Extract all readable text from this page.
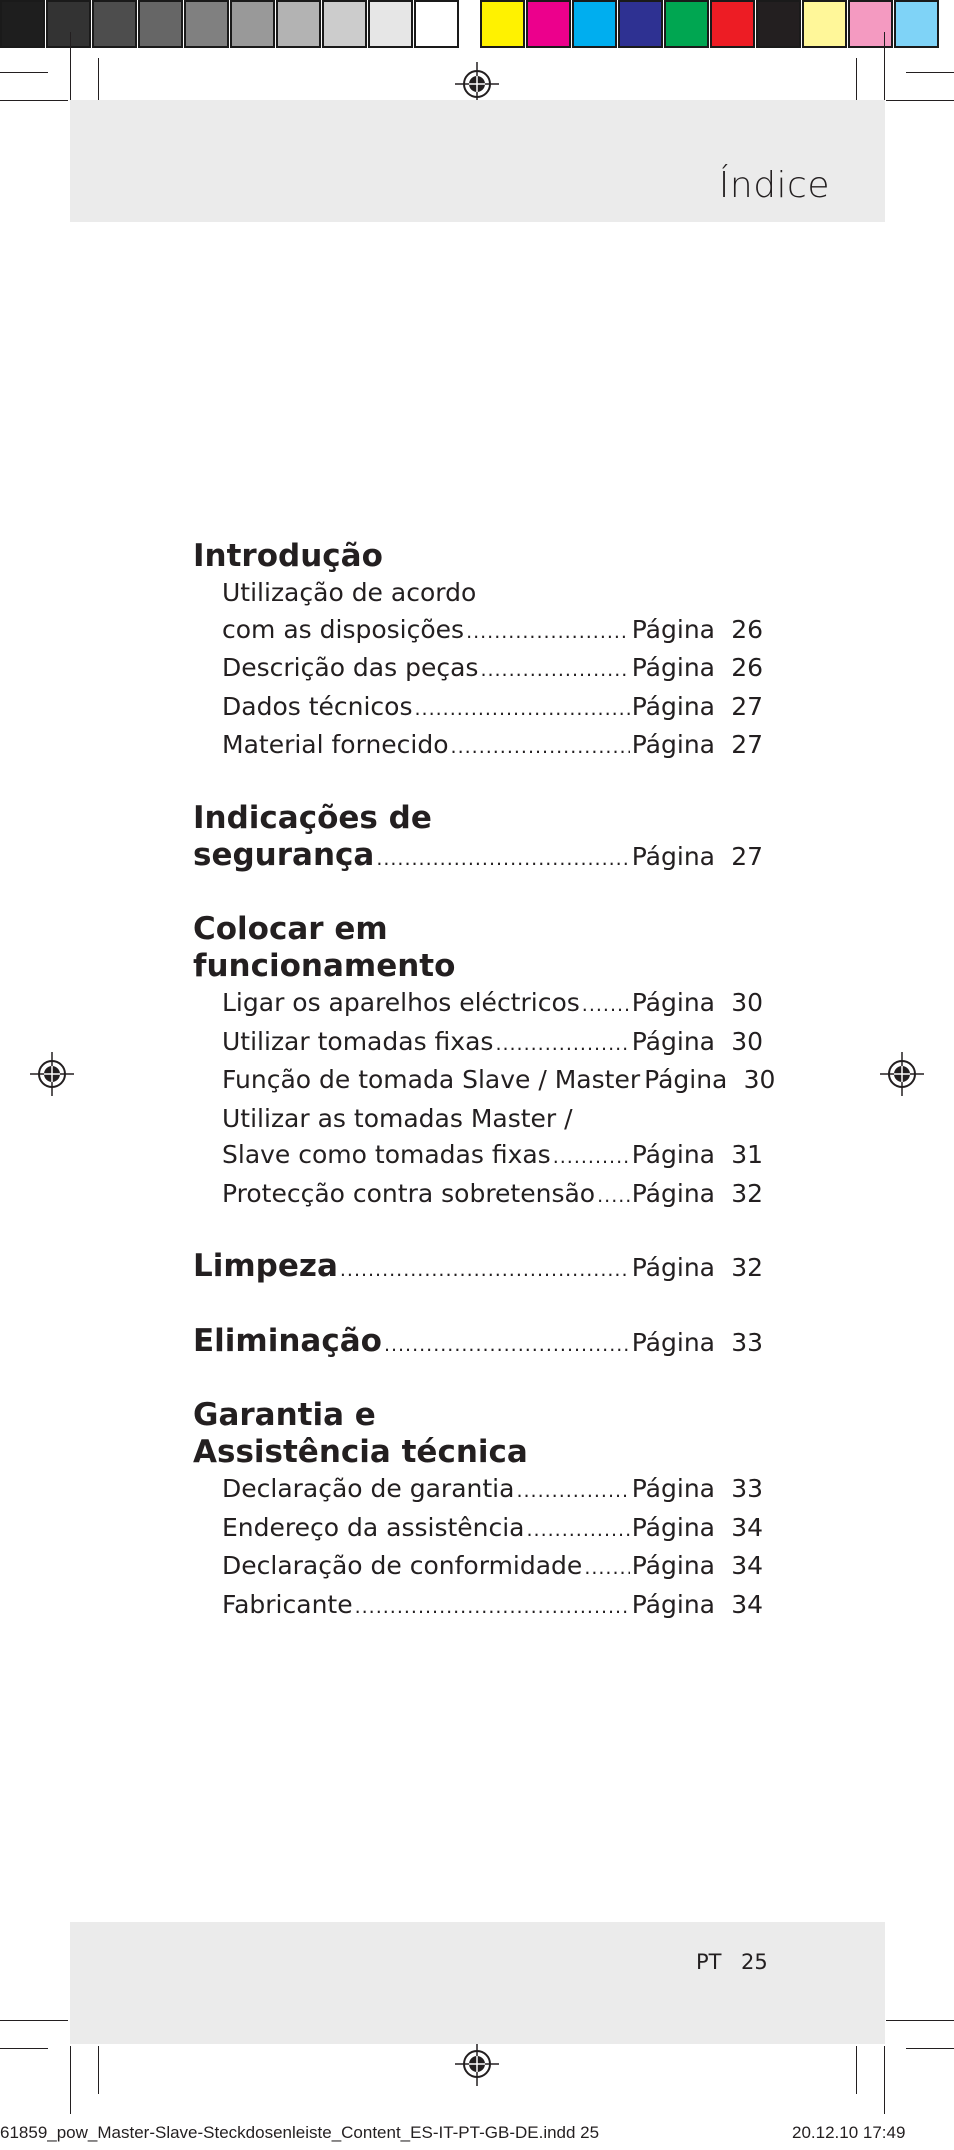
Índice
Introdução
Utilização de acordo
com as disposições .....	Página 26
Descrição das peças .....	Página 26
Dados técnicos .....	Página 27
Material fornecido .....	Página 27
Indicações de
segurança .....	Página 27
Colocar em
funcionamento
Ligar os aparelhos eléctricos ..... Página 30
Utilizar tomadas fixas .....	Página 30
Função de tomada Slave / Master Página 30
Utilizar as tomadas Master /
Slave como tomadas fixas .....	Página 31
Protecção contra sobretensão ..... Página 32
Limpeza .....	Página 32
Eliminação .....	Página 33
Garantia e
Assistência técnica
Declaração de garantia .....	Página 33
Endereço da assistência .....	Página 34
Declaração de conformidade ..... Página 34
Fabricante .....	Página 34
PT 25
61859_pow_Master-Slave-Steckdosenleiste_Content_ES-IT-PT-GB-DE.indd 25	20.12.10 17:49
